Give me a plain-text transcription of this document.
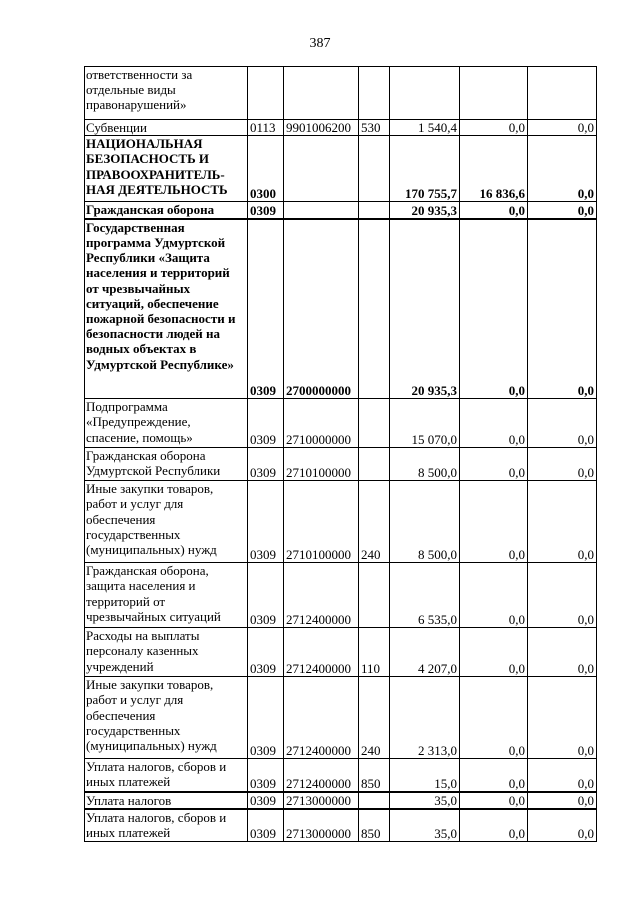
387
ответственности за отдельные виды правонарушений»						
Субвенции	0113	9901006200	530	1 540,4	0,0	0,0
НАЦИОНАЛЬНАЯ БЕЗОПАСНОСТЬ И ПРАВООХРАНИТЕЛЬ-НАЯ ДЕЯТЕЛЬНОСТЬ	0300			170 755,7	16 836,6	0,0
Гражданская оборона	0309			20 935,3	0,0	0,0
Государственная программа Удмуртской Республики «Защита населения и территорий от чрезвычайных ситуаций, обеспечение пожарной безопасности и безопасности людей на водных объектах в Удмуртской Республике»	0309	2700000000		20 935,3	0,0	0,0
Подпрограмма «Предупреждение, спасение, помощь»	0309	2710000000		15 070,0	0,0	0,0
Гражданская оборона Удмуртской Республики	0309	2710100000		8 500,0	0,0	0,0
Иные закупки товаров, работ и услуг для обеспечения государственных (муниципальных) нужд	0309	2710100000	240	8 500,0	0,0	0,0
Гражданская оборона, защита населения и территорий от чрезвычайных ситуаций	0309	2712400000		6 535,0	0,0	0,0
Расходы на выплаты персоналу казенных учреждений	0309	2712400000	110	4 207,0	0,0	0,0
Иные закупки товаров, работ и услуг для обеспечения государственных (муниципальных) нужд	0309	2712400000	240	2 313,0	0,0	0,0
Уплата налогов, сборов и иных платежей	0309	2712400000	850	15,0	0,0	0,0
Уплата налогов	0309	2713000000		35,0	0,0	0,0
Уплата налогов, сборов и иных платежей	0309	2713000000	850	35,0	0,0	0,0
